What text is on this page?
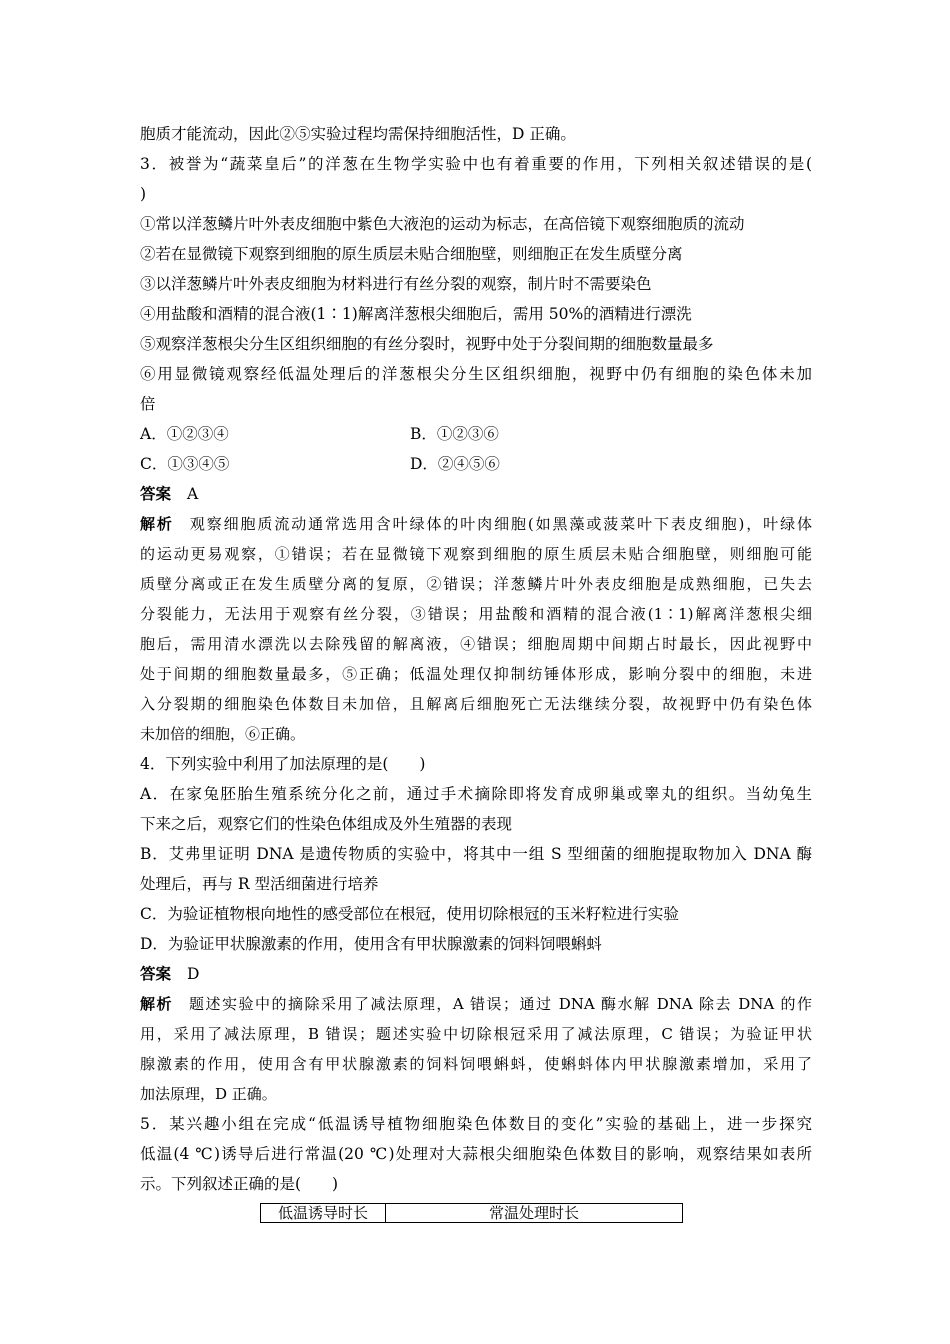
胞质才能流动，因此②⑤实验过程均需保持细胞活性，D 正确。
3．被誉为“蔬菜皇后”的洋葱在生物学实验中也有着重要的作用，下列相关叙述错误的是(
)
①常以洋葱鳞片叶外表皮细胞中紫色大液泡的运动为标志，在高倍镜下观察细胞质的流动
②若在显微镜下观察到细胞的原生质层未贴合细胞壁，则细胞正在发生质壁分离
③以洋葱鳞片叶外表皮细胞为材料进行有丝分裂的观察，制片时不需要染色
④用盐酸和酒精的混合液(1∶1)解离洋葱根尖细胞后，需用 50%的酒精进行漂洗
⑤观察洋葱根尖分生区组织细胞的有丝分裂时，视野中处于分裂间期的细胞数量最多
⑥用显微镜观察经低温处理后的洋葱根尖分生区组织细胞，视野中仍有细胞的染色体未加
倍
A．①②③④	B．①②③⑥
C．①③④⑤	D．②④⑤⑥
答案 A
解析 观察细胞质流动通常选用含叶绿体的叶肉细胞(如黑藻或菠菜叶下表皮细胞)，叶绿体
的运动更易观察，①错误；若在显微镜下观察到细胞的原生质层未贴合细胞壁，则细胞可能
质壁分离或正在发生质壁分离的复原，②错误；洋葱鳞片叶外表皮细胞是成熟细胞，已失去
分裂能力，无法用于观察有丝分裂，③错误；用盐酸和酒精的混合液(1∶1)解离洋葱根尖细
胞后，需用清水漂洗以去除残留的解离液，④错误；细胞周期中间期占时最长，因此视野中
处于间期的细胞数量最多，⑤正确；低温处理仅抑制纺锤体形成，影响分裂中的细胞，未进
入分裂期的细胞染色体数目未加倍，且解离后细胞死亡无法继续分裂，故视野中仍有染色体
未加倍的细胞，⑥正确。
4．下列实验中利用了加法原理的是(　　)
A．在家兔胚胎生殖系统分化之前，通过手术摘除即将发育成卵巢或睾丸的组织。当幼兔生
下来之后，观察它们的性染色体组成及外生殖器的表现
B．艾弗里证明 DNA 是遗传物质的实验中，将其中一组 S 型细菌的细胞提取物加入 DNA 酶
处理后，再与 R 型活细菌进行培养
C．为验证植物根向地性的感受部位在根冠，使用切除根冠的玉米籽粒进行实验
D．为验证甲状腺激素的作用，使用含有甲状腺激素的饲料饲喂蝌蚪
答案 D
解析 题述实验中的摘除采用了减法原理，A 错误；通过 DNA 酶水解 DNA 除去 DNA 的作
用，采用了减法原理，B 错误；题述实验中切除根冠采用了减法原理，C 错误；为验证甲状
腺激素的作用，使用含有甲状腺激素的饲料饲喂蝌蚪，使蝌蚪体内甲状腺激素增加，采用了
加法原理，D 正确。
5．某兴趣小组在完成“低温诱导植物细胞染色体数目的变化”实验的基础上，进一步探究
低温(4 ℃)诱导后进行常温(20 ℃)处理对大蒜根尖细胞染色体数目的影响，观察结果如表所
示。下列叙述正确的是(　　)
低温诱导时长	常温处理时长
